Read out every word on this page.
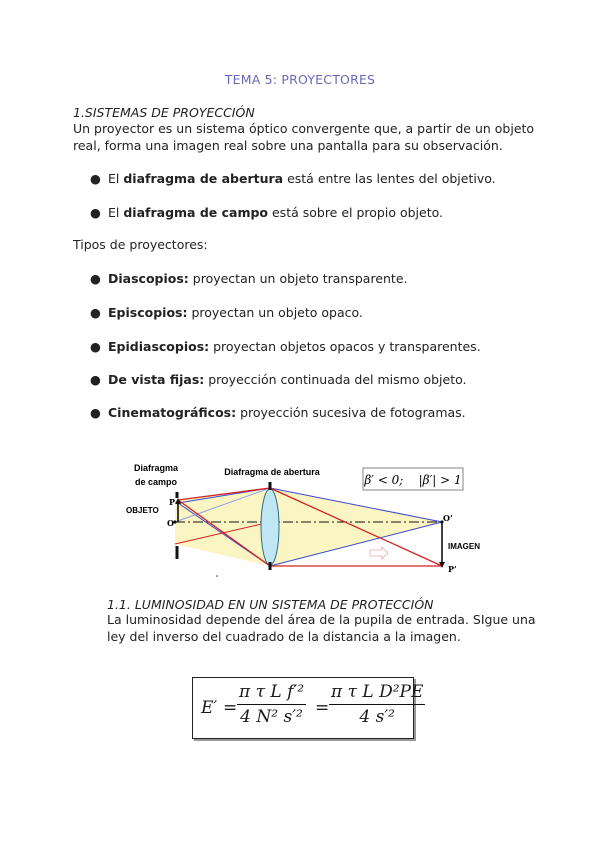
TEMA 5: PROYECTORES
1.SISTEMAS DE PROYECCIÓN
Un proyector es un sistema óptico convergente que, a partir de un objeto real, forma una imagen real sobre una pantalla para su observación.
● El diafragma de abertura está entre las lentes del objetivo.
● El diafragma de campo está sobre el propio objeto.
Tipos de proyectores:
● Diascopios: proyectan un objeto transparente.
● Episcopios: proyectan un objeto opaco.
● Epidiascopios: proyectan objetos opacos y transparentes.
● De vista fijas: proyección continuada del mismo objeto.
● Cinematográficos: proyección sucesiva de fotogramas.
Diafragma
de campo
Diafragma de abertura
OBJETO
P
O	O’
P’
IMAGEN
β′ < 0;    |β′| > 1
1.1. LUMINOSIDAD EN UN SISTEMA DE PROTECCIÓN
La luminosidad depende del área de la pupila de entrada. SIgue una ley del inverso del cuadrado de la distancia a la imagen.
$E' = \frac{\text{π τ L f′²}}{\text{4 N² s′²}} = \frac{\text{π τ L D²PE}}{\text{4 s′²}}$
